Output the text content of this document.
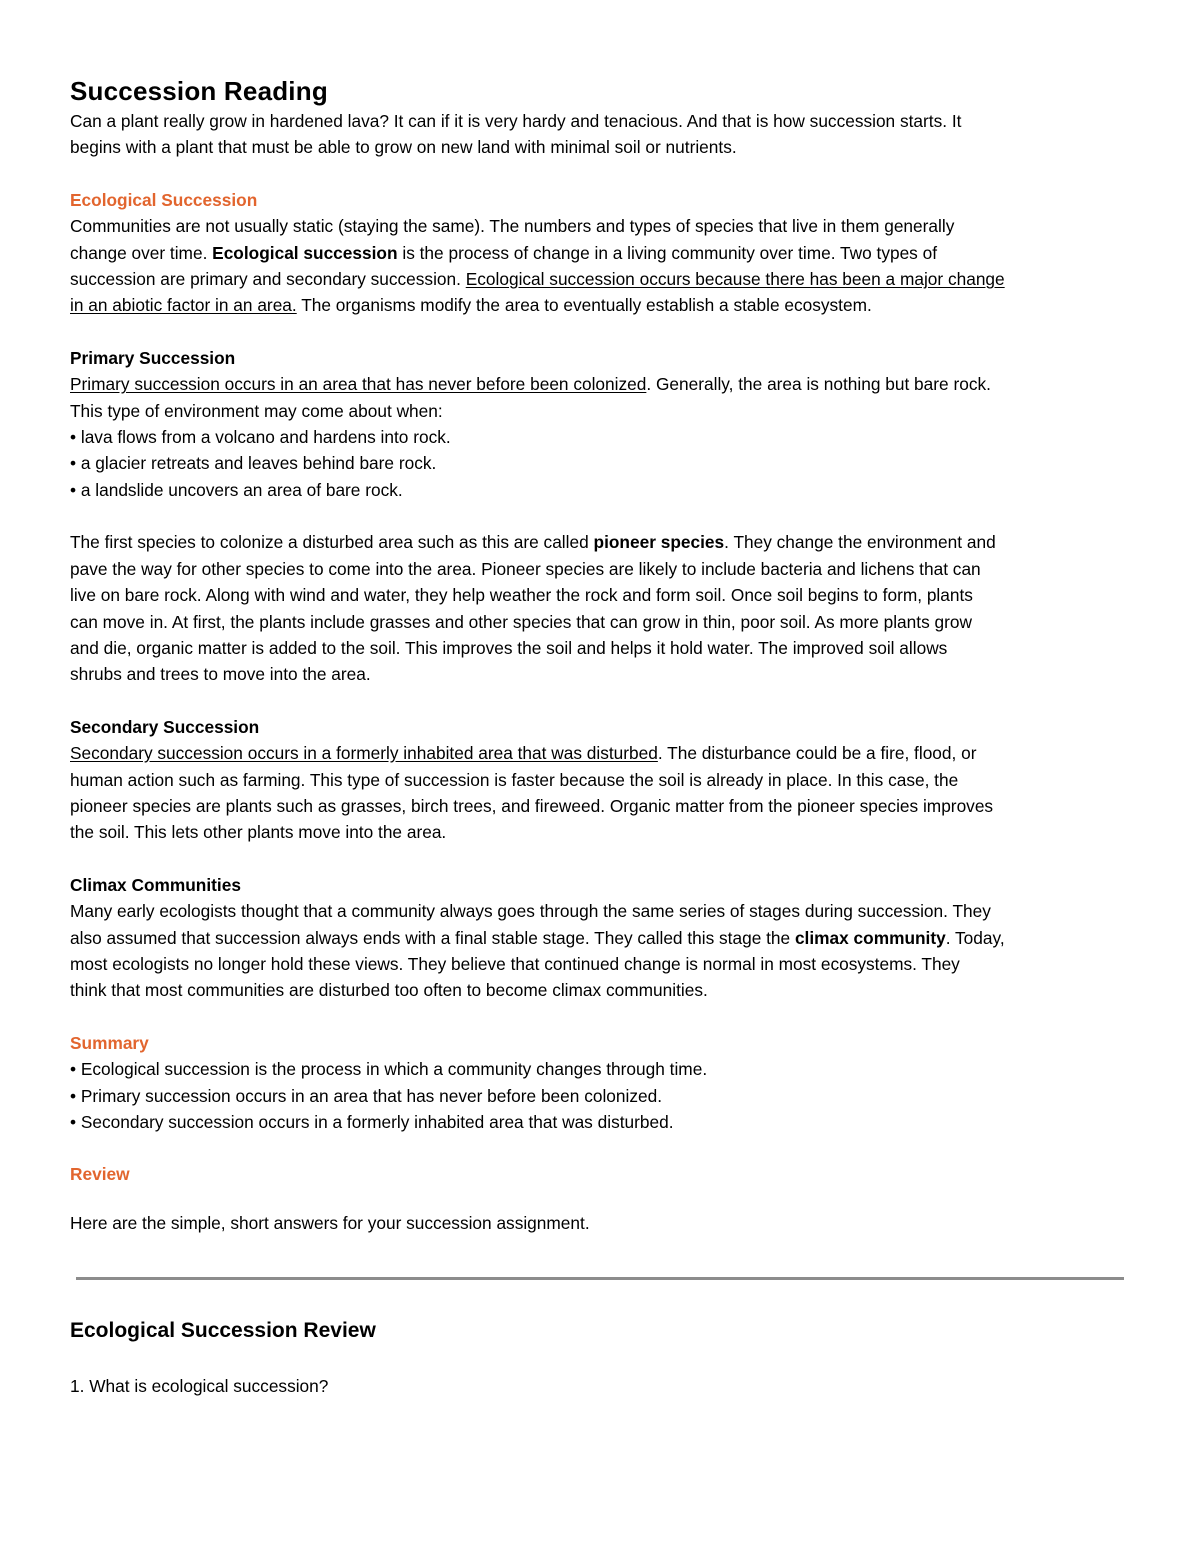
Succession Reading

Can a plant really grow in hardened lava? It can if it is very hardy and tenacious. And that is how succession starts. It

begins with a plant that must be able to grow on new land with minimal soil or nutrients.

Ecological Succession

Communities are not usually static (staying the same). The numbers and types of species that live in them generally

change over time. Ecological succession is the process of change in a living community over time. Two types of

succession are primary and secondary succession. Ecological succession occurs because there has been a major change

in an abiotic factor in an area. The organisms modify the area to eventually establish a stable ecosystem.

Primary Succession

Primary succession occurs in an area that has never before been colonized. Generally, the area is nothing but bare rock.

This type of environment may come about when:

• lava flows from a volcano and hardens into rock.

• a glacier retreats and leaves behind bare rock.

• a landslide uncovers an area of bare rock.

The first species to colonize a disturbed area such as this are called pioneer species. They change the environment and

pave the way for other species to come into the area. Pioneer species are likely to include bacteria and lichens that can

live on bare rock. Along with wind and water, they help weather the rock and form soil. Once soil begins to form, plants

can move in. At first, the plants include grasses and other species that can grow in thin, poor soil. As more plants grow

and die, organic matter is added to the soil. This improves the soil and helps it hold water. The improved soil allows

shrubs and trees to move into the area.

Secondary Succession

Secondary succession occurs in a formerly inhabited area that was disturbed. The disturbance could be a fire, flood, or

human action such as farming. This type of succession is faster because the soil is already in place. In this case, the

pioneer species are plants such as grasses, birch trees, and fireweed. Organic matter from the pioneer species improves

the soil. This lets other plants move into the area.

Climax Communities

Many early ecologists thought that a community always goes through the same series of stages during succession. They

also assumed that succession always ends with a final stable stage. They called this stage the climax community. Today,

most ecologists no longer hold these views. They believe that continued change is normal in most ecosystems. They

think that most communities are disturbed too often to become climax communities.

Summary

• Ecological succession is the process in which a community changes through time.

• Primary succession occurs in an area that has never before been colonized.

• Secondary succession occurs in a formerly inhabited area that was disturbed.

Review

Here are the simple, short answers for your succession assignment.

Ecological Succession Review

1. What is ecological succession?
